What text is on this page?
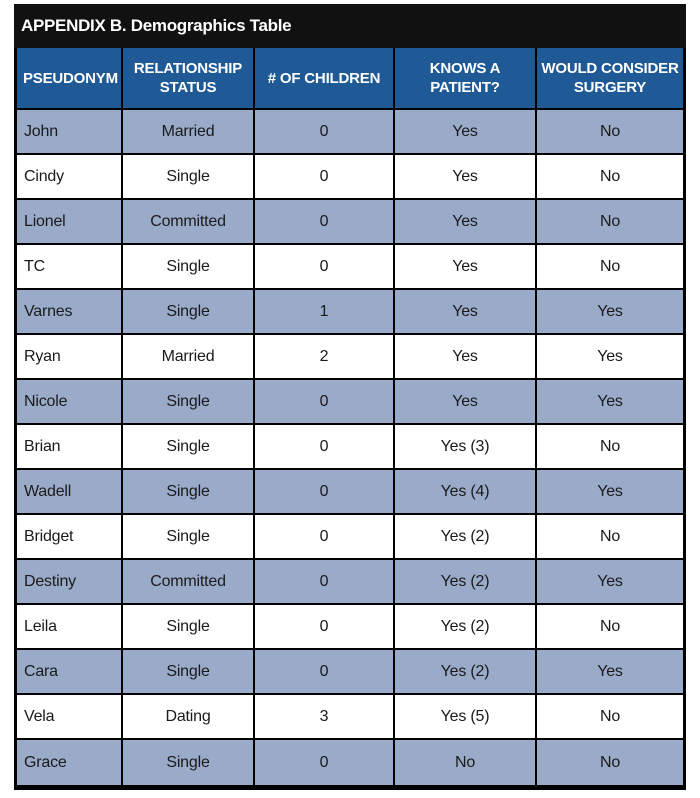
APPENDIX B. Demographics Table
PSEUDONYM	RELATIONSHIP STATUS	# OF CHILDREN	KNOWS A PATIENT?	WOULD CONSIDER SURGERY
John	Married	0	Yes	No
Cindy	Single	0	Yes	No
Lionel	Committed	0	Yes	No
TC	Single	0	Yes	No
Varnes	Single	1	Yes	Yes
Ryan	Married	2	Yes	Yes
Nicole	Single	0	Yes	Yes
Brian	Single	0	Yes (3)	No
Wadell	Single	0	Yes (4)	Yes
Bridget	Single	0	Yes (2)	No
Destiny	Committed	0	Yes (2)	Yes
Leila	Single	0	Yes (2)	No
Cara	Single	0	Yes (2)	Yes
Vela	Dating	3	Yes (5)	No
Grace	Single	0	No	No
